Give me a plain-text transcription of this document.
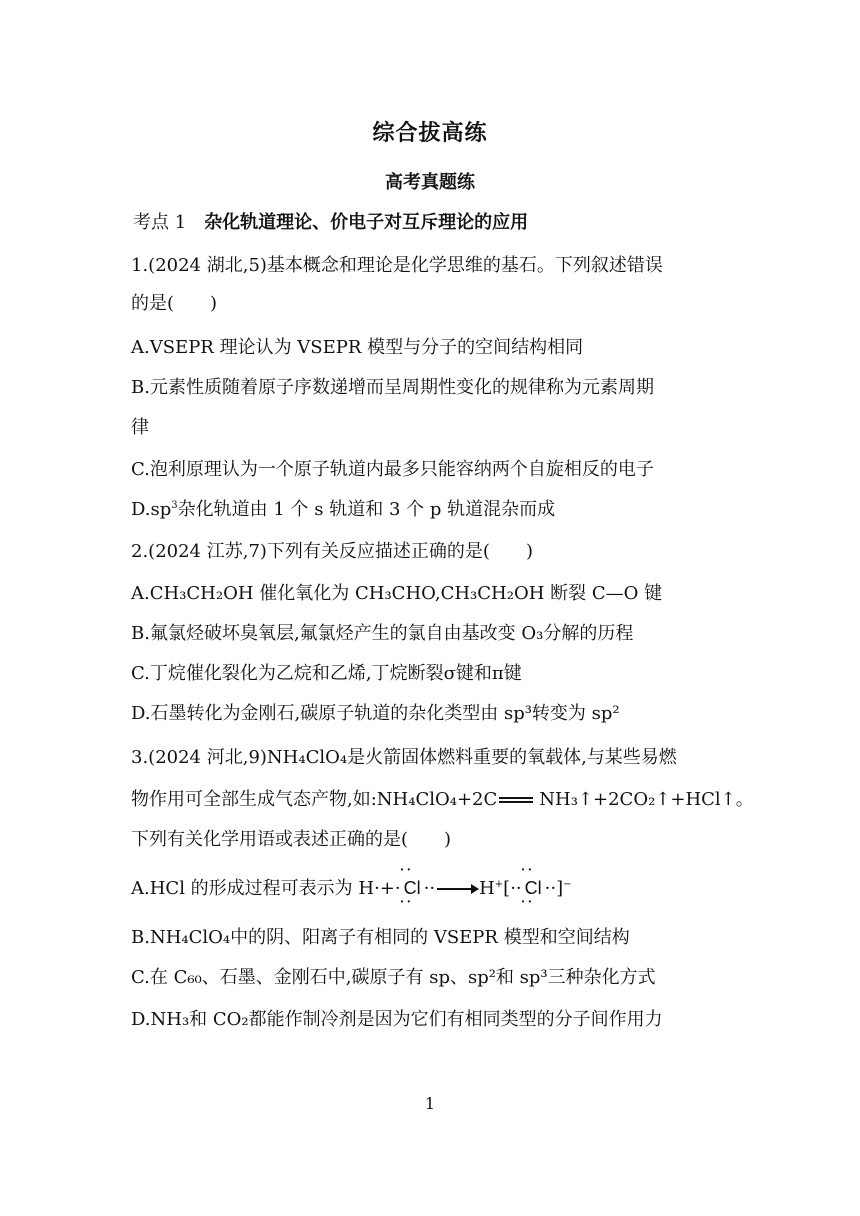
综合拔高练
高考真题练
考点 1 杂化轨道理论、价电子对互斥理论的应用
1.(2024 湖北,5)基本概念和理论是化学思维的基石。下列叙述错误
的是(　　)
A.VSEPR 理论认为 VSEPR 模型与分子的空间结构相同
B.元素性质随着原子序数递增而呈周期性变化的规律称为元素周期
律
C.泡利原理认为一个原子轨道内最多只能容纳两个自旋相反的电子
$D.sp^3$杂化轨道由 1 个 s 轨道和 3 个 p 轨道混杂而成
2.(2024 江苏,7)下列有关反应描述正确的是(　　)
A.CH₃CH₂OH 催化氧化为 CH₃CHO,CH₃CH₂OH 断裂 C—O 键
B.氟氯烃破坏臭氧层,氟氯烃产生的氯自由基改变 O₃分解的历程
C.丁烷催化裂化为乙烷和乙烯,丁烷断裂σ键和π键
D.石墨转化为金刚石,碳原子轨道的杂化类型由 sp³转变为 sp²
3.(2024 河北,9)NH₄ClO₄是火箭固体燃料重要的氧载体,与某些易燃
物作用可全部生成气态产物,如:NH₄ClO₄+2C NH₃↑+2CO₂↑+HCl↑。
下列有关化学用语或表述正确的是(　　)
A.HCl 的形成过程可表示为 H·+· • • Cl • • ·· → H+[·· • • Cl • • ··]−
B.NH₄ClO₄中的阴、阳离子有相同的 VSEPR 模型和空间结构
C.在 C₆₀、石墨、金刚石中,碳原子有 sp、sp²和 sp³三种杂化方式
D.NH₃和 CO₂都能作制冷剂是因为它们有相同类型的分子间作用力
1
